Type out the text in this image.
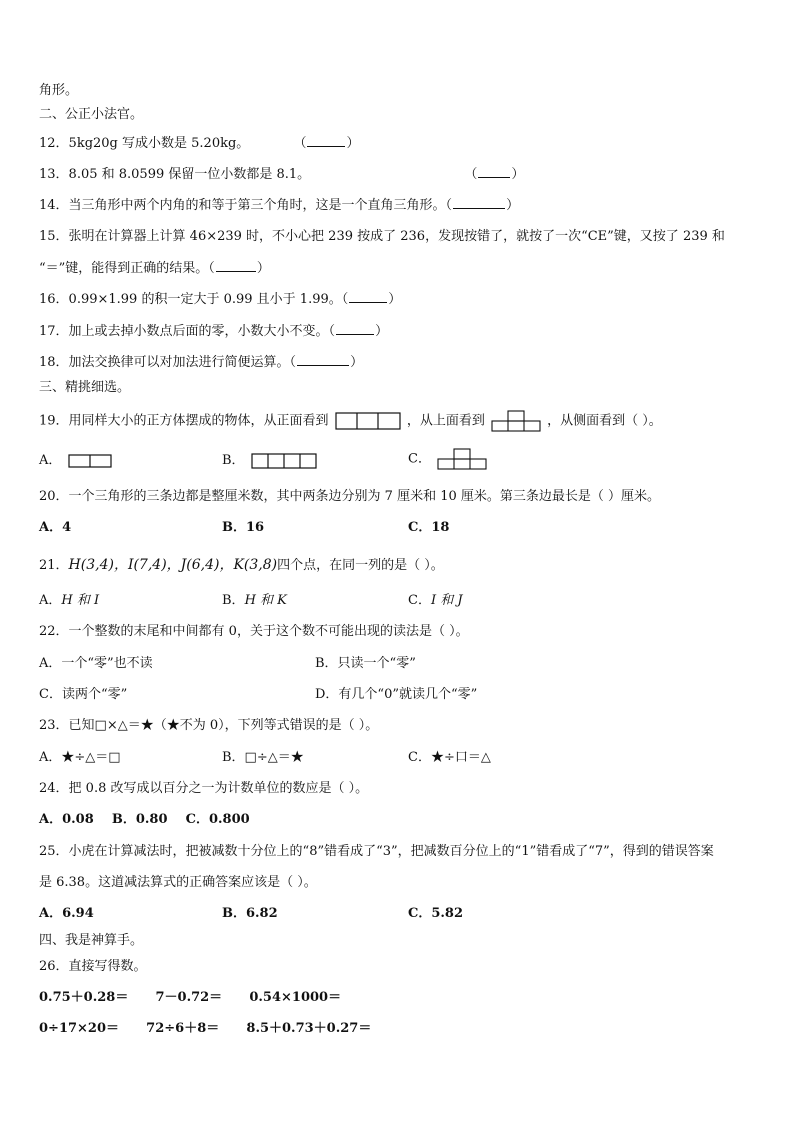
角形。
二、公正小法官。
12．5kg20g 写成小数是 5.20kg。	（	）
13．8.05 和 8.0599 保留一位小数都是 8.1。	（	）
14．当三角形中两个内角的和等于第三个角时，这是一个直角三角形。（	）
15．张明在计算器上计算 46×239 时，不小心把 239 按成了 236，发现按错了，就按了一次“CE”键，又按了 239 和
“＝”键，能得到正确的结果。（	）
16．0.99×1.99 的积一定大于 0.99 且小于 1.99。（	）
17．加上或去掉小数点后面的零，小数大小不变。（	）
18．加法交换律可以对加法进行简便运算。（	）
三、精挑细选。
19．用同样大小的正方体摆成的物体，从正面看到	，从上面看到	，从侧面看到（ ）。
A．	B．	C．
20．一个三角形的三条边都是整厘米数，其中两条边分别为 7 厘米和 10 厘米。第三条边最长是（ ）厘米。
A．4	B．16	C．18
21．H(3,4)，I(7,4)，J(6,4)，K(3,8)四个点，在同一列的是（ ）。
A．H 和 I	B．H 和 K	C．I 和 J
22．一个整数的末尾和中间都有 0，关于这个数不可能出现的读法是（ ）。
A．一个“零”也不读	B．只读一个“零”
C．读两个“零”	D．有几个“0”就读几个“零”
23．已知□×△＝★（★不为 0），下列等式错误的是（ ）。
A．★÷△＝□	B．□÷△＝★	C．★÷口＝△
24．把 0.8 改写成以百分之一为计数单位的数应是（ ）。
A．0.08    B．0.80    C．0.800
25．小虎在计算减法时，把被减数十分位上的“8”错看成了“3”，把减数百分位上的“1”错看成了“7”，得到的错误答案
是 6.38。这道减法算式的正确答案应该是（ ）。
A．6.94	B．6.82	C．5.82
四、我是神算手。
26．直接写得数。
0.75＋0.28＝      7－0.72＝      0.54×1000＝
0÷17×20＝      72÷6＋8＝      8.5＋0.73＋0.27＝
